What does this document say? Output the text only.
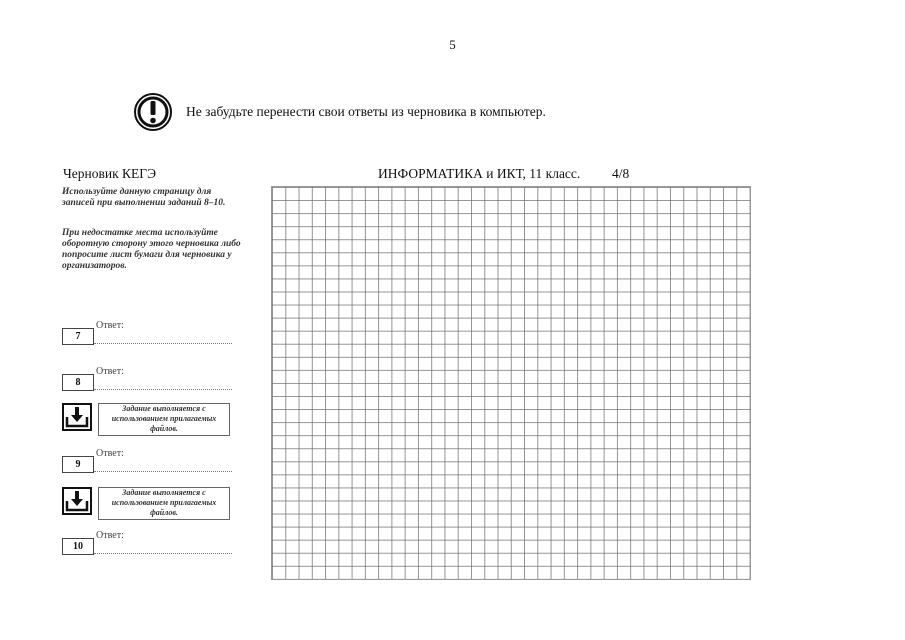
5
Не забудьте перенести свои ответы из черновика в компьютер.
Черновик КЕГЭ	ИНФОРМАТИКА и ИКТ, 11 класс. 4/8
Используйте данную страницу для записей при выполнении заданий 8–10.
При недостатке места используйте оборотную сторону этого черновика либо попросите лист бумаги для черновика у организаторов.
7
Ответ:
8
Ответ:
Задание выполняется с использованием прилагаемых файлов.
9
Ответ:
Задание выполняется с использованием прилагаемых файлов.
10
Ответ:
